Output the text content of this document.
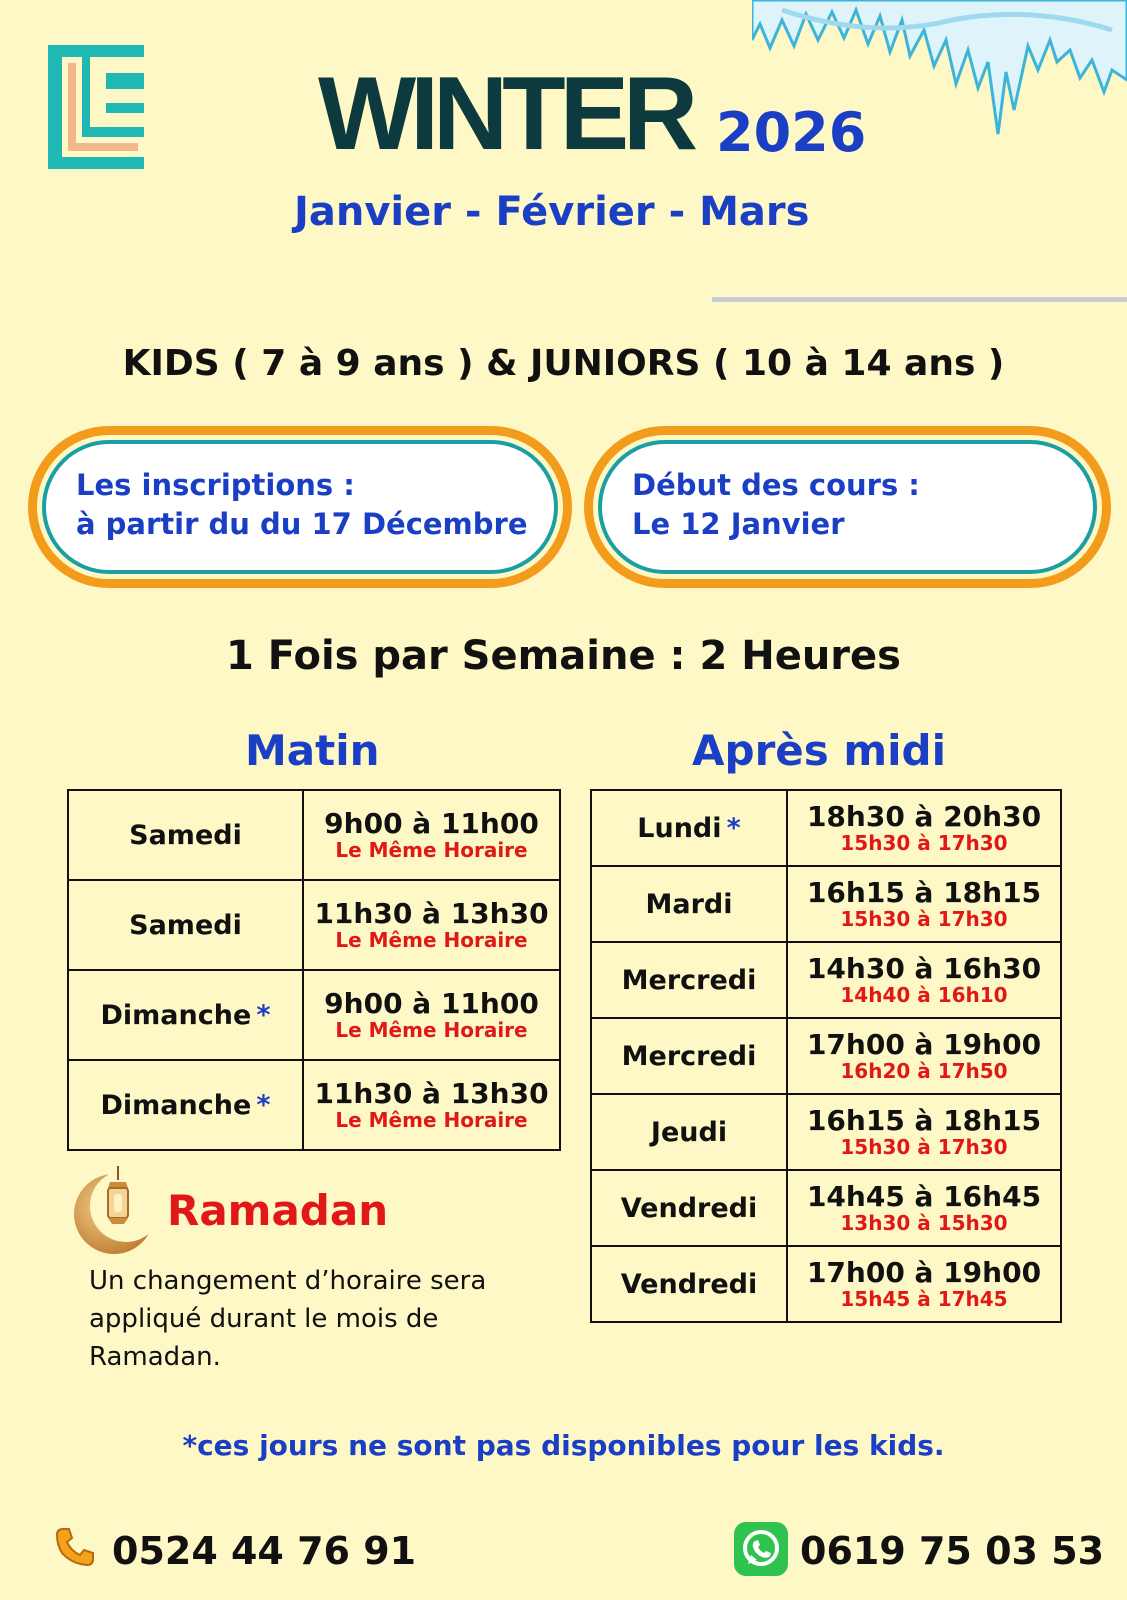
WINTER 2026
Janvier - Février - Mars
KIDS ( 7 à 9 ans ) & JUNIORS ( 10 à 14 ans )
Les inscriptions :
à partir du du 17 Décembre
Début des cours :
Le 12 Janvier
1 Fois par Semaine : 2 Heures
Matin	Après midi
Samedi	9h00 à 11h00
Le Même Horaire

Samedi	11h30 à 13h30
Le Même Horaire

Dimanche *	9h00 à 11h00
Le Même Horaire

Dimanche *	11h30 à 13h30
Le Même Horaire
Lundi *	18h30 à 20h30
15h30 à 17h30

Mardi	16h15 à 18h15
15h30 à 17h30

Mercredi	14h30 à 16h30
14h40 à 16h10

Mercredi	17h00 à 19h00
16h20 à 17h50

Jeudi	16h15 à 18h15
15h30 à 17h30

Vendredi	14h45 à 16h45
13h30 à 15h30

Vendredi	17h00 à 19h00
15h45 à 17h45
Ramadan
Un changement d’horaire sera appliqué durant le mois de Ramadan.
*ces jours ne sont pas disponibles pour les kids.
0524 44 76 91	0619 75 03 53
